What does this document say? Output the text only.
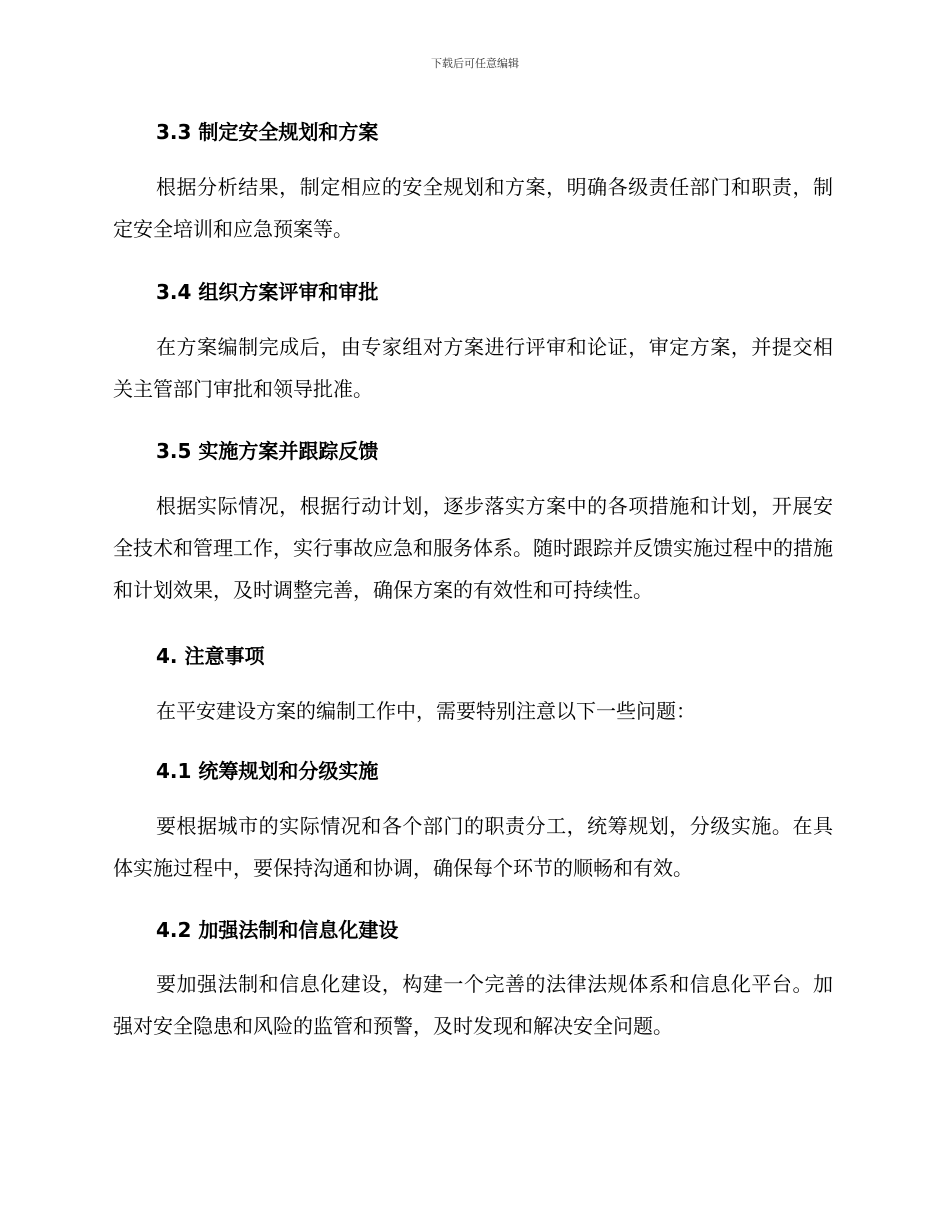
下载后可任意编辑
3.3 制定安全规划和方案
根据分析结果，制定相应的安全规划和方案，明确各级责任部门和职责，制定安全培训和应急预案等。
3.4 组织方案评审和审批
在方案编制完成后，由专家组对方案进行评审和论证，审定方案，并提交相关主管部门审批和领导批准。
3.5 实施方案并跟踪反馈
根据实际情况，根据行动计划，逐步落实方案中的各项措施和计划，开展安全技术和管理工作，实行事故应急和服务体系。随时跟踪并反馈实施过程中的措施和计划效果，及时调整完善，确保方案的有效性和可持续性。
4. 注意事项
在平安建设方案的编制工作中，需要特别注意以下一些问题：
4.1 统筹规划和分级实施
要根据城市的实际情况和各个部门的职责分工，统筹规划，分级实施。在具体实施过程中，要保持沟通和协调，确保每个环节的顺畅和有效。
4.2 加强法制和信息化建设
要加强法制和信息化建设，构建一个完善的法律法规体系和信息化平台。加强对安全隐患和风险的监管和预警，及时发现和解决安全问题。
